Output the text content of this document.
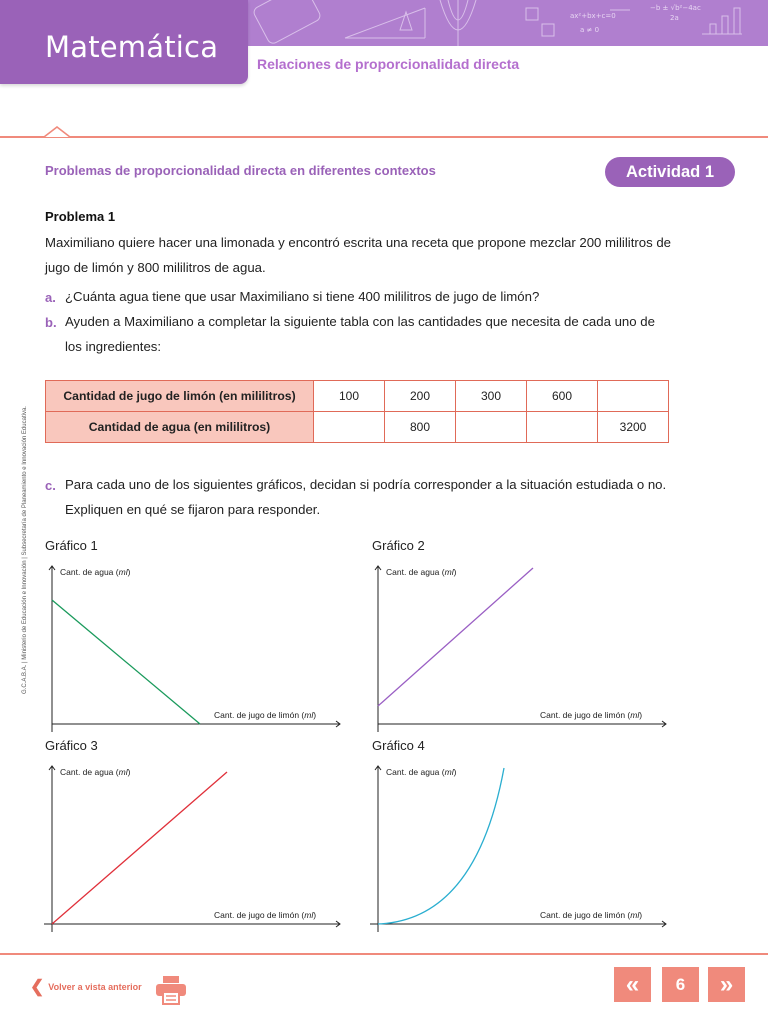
ax²+bx+c=0
−b ± √b²−4ac
2a
a ≠ 0
Matemática	Relaciones de proporcionalidad directa
Problemas de proporcionalidad directa en diferentes contextos	Actividad 1
G.C.A.B.A. | Ministerio de Educación e Innovación | Subsecretaría de Planeamiento e Innovación Educativa.
Problema 1
Maximiliano quiere hacer una limonada y encontró escrita una receta que propone mezclar 200 mililitros de jugo de limón y 800 mililitros de agua.
a. ¿Cuánta agua tiene que usar Maximiliano si tiene 400 mililitros de jugo de limón?
b. Ayuden a Maximiliano a completar la siguiente tabla con las cantidades que necesita de cada uno de los ingredientes:
Cantidad de jugo de limón (en mililitros)	100	200	300	600	
Cantidad de agua (en mililitros)		800			3200
c. Para cada uno de los siguientes gráficos, decidan si podría corresponder a la situación estudiada o no. Expliquen en qué se fijaron para responder.
Gráfico 1	Gráfico 2
Gráfico 3	Gráfico 4
Cant. de agua (ml)
Cant. de jugo de limón (ml)
Cant. de agua (ml)
Cant. de jugo de limón (ml)
Cant. de agua (ml)
Cant. de jugo de limón (ml)
Cant. de agua (ml)
Cant. de jugo de limón (ml)
❮ Volver a vista anterior	«	6	»
